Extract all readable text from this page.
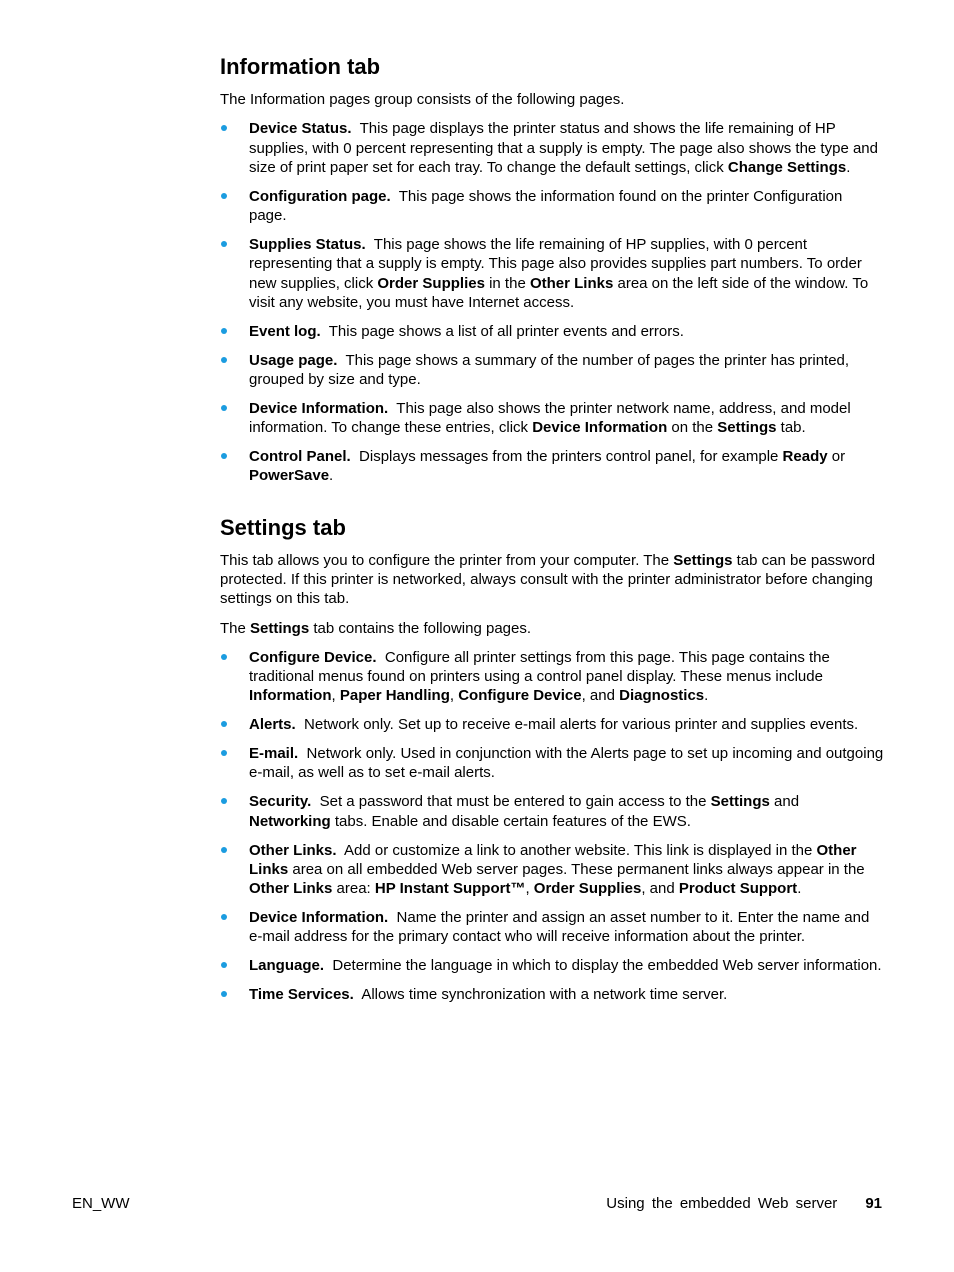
Information tab

The Information pages group consists of the following pages.

Device Status. This page displays the printer status and shows the life remaining of HP supplies, with 0 percent representing that a supply is empty. The page also shows the type and size of print paper set for each tray. To change the default settings, click Change Settings.
Configuration page. This page shows the information found on the printer Configuration page.
Supplies Status. This page shows the life remaining of HP supplies, with 0 percent representing that a supply is empty. This page also provides supplies part numbers. To order new supplies, click Order Supplies in the Other Links area on the left side of the window. To visit any website, you must have Internet access.
Event log. This page shows a list of all printer events and errors.
Usage page. This page shows a summary of the number of pages the printer has printed, grouped by size and type.
Device Information. This page also shows the printer network name, address, and model information. To change these entries, click Device Information on the Settings tab.
Control Panel. Displays messages from the printers control panel, for example Ready or PowerSave.
Settings tab

This tab allows you to configure the printer from your computer. The Settings tab can be password protected. If this printer is networked, always consult with the printer administrator before changing settings on this tab.

The Settings tab contains the following pages.

Configure Device. Configure all printer settings from this page. This page contains the traditional menus found on printers using a control panel display. These menus include Information, Paper Handling, Configure Device, and Diagnostics.
Alerts. Network only. Set up to receive e-mail alerts for various printer and supplies events.
E-mail. Network only. Used in conjunction with the Alerts page to set up incoming and outgoing e-mail, as well as to set e-mail alerts.
Security. Set a password that must be entered to gain access to the Settings and Networking tabs. Enable and disable certain features of the EWS.
Other Links. Add or customize a link to another website. This link is displayed in the Other Links area on all embedded Web server pages. These permanent links always appear in the Other Links area: HP Instant Support™, Order Supplies, and Product Support.
Device Information. Name the printer and assign an asset number to it. Enter the name and e-mail address for the primary contact who will receive information about the printer.
Language. Determine the language in which to display the embedded Web server information.
Time Services. Allows time synchronization with a network time server.
EN_WW	Using the embedded Web server 91
